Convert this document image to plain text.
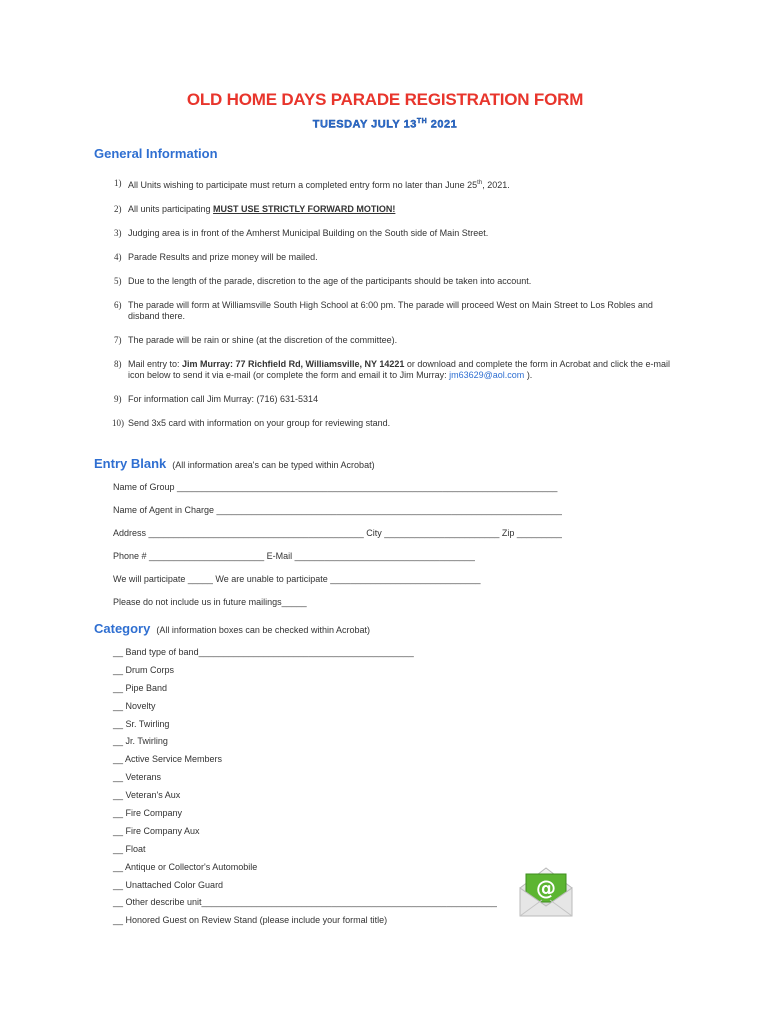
OLD HOME DAYS PARADE REGISTRATION FORM
TUESDAY JULY 13TH 2021
General Information
1) All Units wishing to participate must return a completed entry form no later than June 25th, 2021.
2) All units participating MUST USE STRICTLY FORWARD MOTION!
3) Judging area is in front of the Amherst Municipal Building on the South side of Main Street.
4) Parade Results and prize money will be mailed.
5) Due to the length of the parade, discretion to the age of the participants should be taken into account.
6) The parade will form at Williamsville South High School at 6:00 pm. The parade will proceed West on Main Street to Los Robles and disband there.
7) The parade will be rain or shine (at the discretion of the committee).
8) Mail entry to: Jim Murray: 77 Richfield Rd, Williamsville, NY 14221 or download and complete the form in Acrobat and click the e-mail icon below to send it via e-mail (or complete the form and email it to Jim Murray: jm63629@aol.com ).
9) For information call Jim Murray: (716) 631-5314
10) Send 3x5 card with information on your group for reviewing stand.
Entry Blank (All information area's can be typed within Acrobat)
Name of Group ____________________________________________________________________________
Name of Agent in Charge _____________________________________________________________________
Address ___________________________________________ City _______________________ Zip _________
Phone # _______________________ E-Mail ____________________________________
We will participate _____ We are unable to participate ______________________________
Please do not include us in future mailings_____
Category (All information boxes can be checked within Acrobat)
__ Band type of band___________________________________________
__ Drum Corps
__ Pipe Band
__ Novelty
__ Sr. Twirling
__ Jr. Twirling
__ Active Service Members
__ Veterans
__ Veteran's Aux
__ Fire Company
__ Fire Company Aux
__ Float
__ Antique or Collector's Automobile
__ Unattached Color Guard
__ Other describe unit___________________________________________________________
__ Honored Guest on Review Stand (please include your formal title)
@
